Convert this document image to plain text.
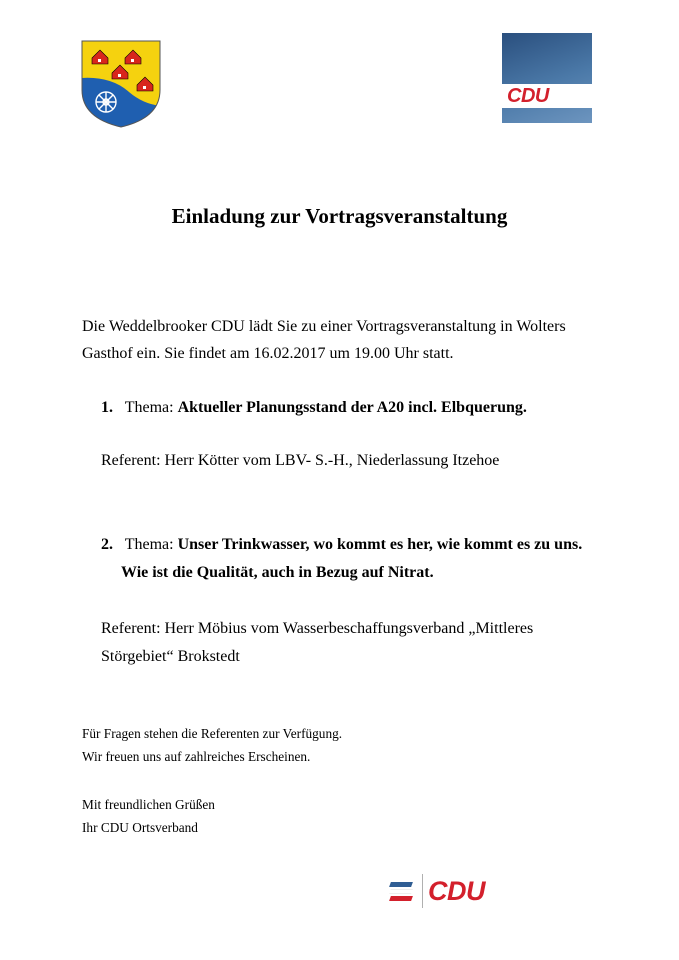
CDU
Einladung zur Vortragsveranstaltung
Die Weddelbrooker CDU lädt Sie zu einer Vortragsveranstaltung in Wolters
Gasthof ein. Sie findet am 16.02.2017 um 19.00 Uhr statt.
1. Thema: Aktueller Planungsstand der A20 incl. Elbquerung.
Referent: Herr Kötter vom LBV- S.-H., Niederlassung Itzehoe
2. Thema: Unser Trinkwasser, wo kommt es her, wie kommt es zu uns.
Wie ist die Qualität, auch in Bezug auf Nitrat.
Referent: Herr Möbius vom Wasserbeschaffungsverband „Mittleres
Störgebiet“ Brokstedt
Für Fragen stehen die Referenten zur Verfügung.
Wir freuen uns auf zahlreiches Erscheinen.
Mit freundlichen Grüßen
Ihr CDU Ortsverband
CDU
